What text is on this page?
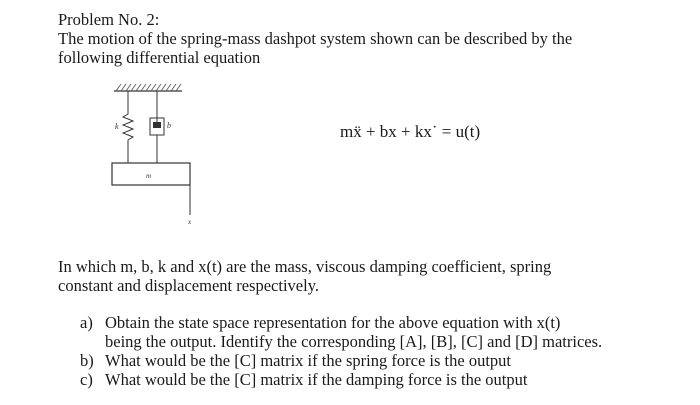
Problem No. 2:
The motion of the spring-mass dashpot system shown can be described by the
following differential equation
k	b
m
x
mẍ + bx + kx˙ = u(t)
In which m, b, k and x(t) are the mass, viscous damping coefficient, spring
constant and displacement respectively.
a) Obtain the state space representation for the above equation with x(t)
being the output. Identify the corresponding [A], [B], [C] and [D] matrices.
b) What would be the [C] matrix if the spring force is the output
c) What would be the [C] matrix if the damping force is the output
